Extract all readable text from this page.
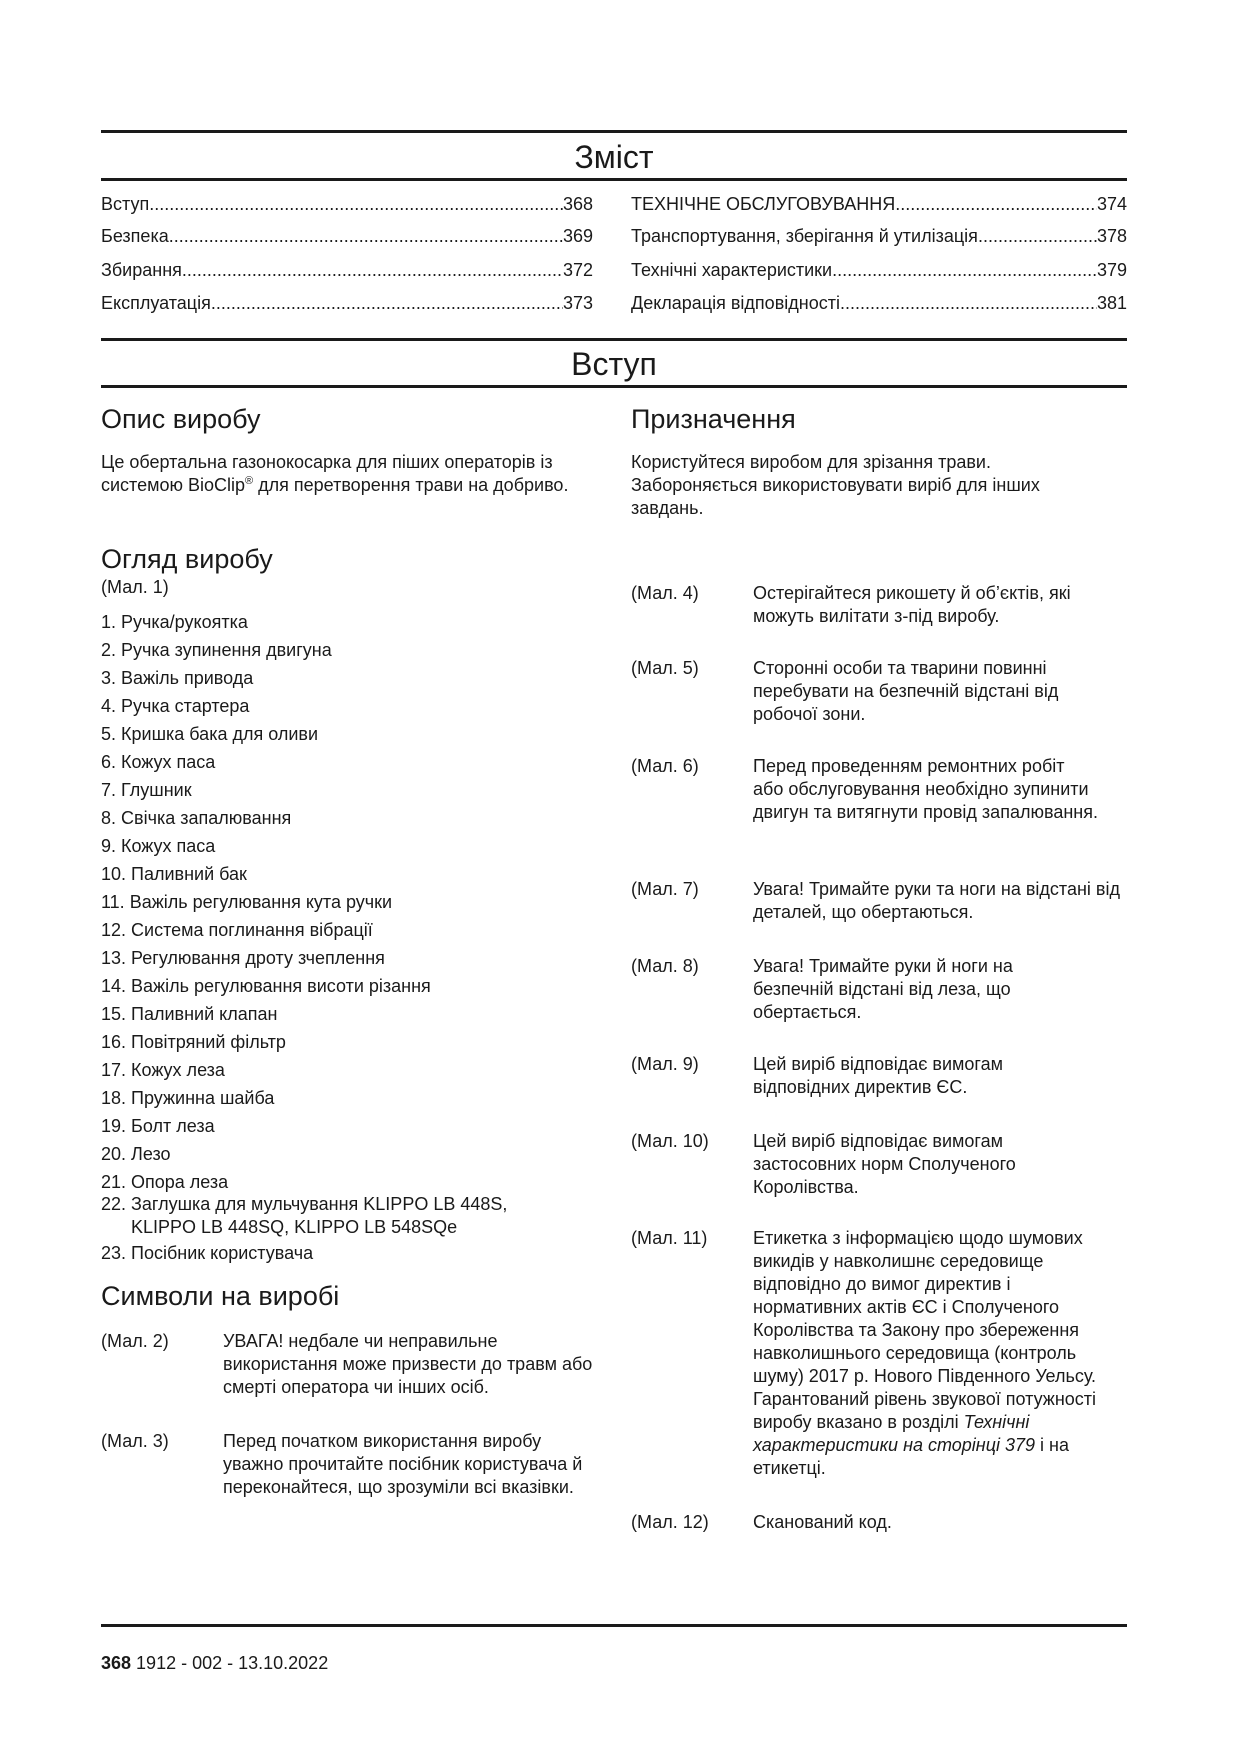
Зміст
Вступ .....	368
Безпека .....	369
Збирання .....	372
Експлуатація .....	373
ТЕХНІЧНЕ ОБСЛУГОВУВАННЯ .....	374
Транспортування, зберігання й утилізація .....	378
Технічні характеристики .....	379
Декларація відповідності .....	381
Вступ
Опис виробу
Це обертальна газонокосарка для піших операторів із системою BioClip® для перетворення трави на добриво.
Призначення
Користуйтеся виробом для зрізання трави. Забороняється використовувати виріб для інших завдань.
Огляд виробу
(Мал. 1)
1. Ручка/рукоятка
2. Ручка зупинення двигуна
3. Важіль привода
4. Ручка стартера
5. Кришка бака для оливи
6. Кожух паса
7. Глушник
8. Свічка запалювання
9. Кожух паса
10. Паливний бак
11. Важіль регулювання кута ручки
12. Система поглинання вібрації
13. Регулювання дроту зчеплення
14. Важіль регулювання висоти різання
15. Паливний клапан
16. Повітряний фільтр
17. Кожух леза
18. Пружинна шайба
19. Болт леза
20. Лезо
21. Опора леза
22. Заглушка для мульчування KLIPPO LB 448S,
KLIPPO LB 448SQ, KLIPPO LB 548SQe
23. Посібник користувача
Символи на виробі
(Мал. 2)	УВАГА! недбале чи неправильне використання може призвести до травм або смерті оператора чи інших осіб.
(Мал. 3)	Перед початком використання виробу уважно прочитайте посібник користувача й переконайтеся, що зрозуміли всі вказівки.
(Мал. 4)	Остерігайтеся рикошету й об’єктів, які можуть вилітати з-під виробу.
(Мал. 5)	Сторонні особи та тварини повинні перебувати на безпечній відстані від робочої зони.
(Мал. 6)	Перед проведенням ремонтних робіт або обслуговування необхідно зупинити двигун та витягнути провід запалювання.
(Мал. 7)	Увага! Тримайте руки та ноги на відстані від деталей, що обертаються.
(Мал. 8)	Увага! Тримайте руки й ноги на безпечній відстані від леза, що обертається.
(Мал. 9)	Цей виріб відповідає вимогам відповідних директив ЄС.
(Мал. 10) Цей виріб відповідає вимогам застосовних норм Сполученого Королівства.
(Мал. 11)	Етикетка з інформацією щодо шумових викидів у навколишнє середовище відповідно до вимог директив і нормативних актів ЄС і Сполученого Королівства та Закону про збереження навколишнього середовища (контроль шуму) 2017 р. Нового Південного Уельсу. Гарантований рівень звукової потужності виробу вказано в розділі Технічні характеристики на сторінці 379 і на етикетці.
(Мал. 12) Сканований код.
368 1912 - 002 - 13.10.2022
